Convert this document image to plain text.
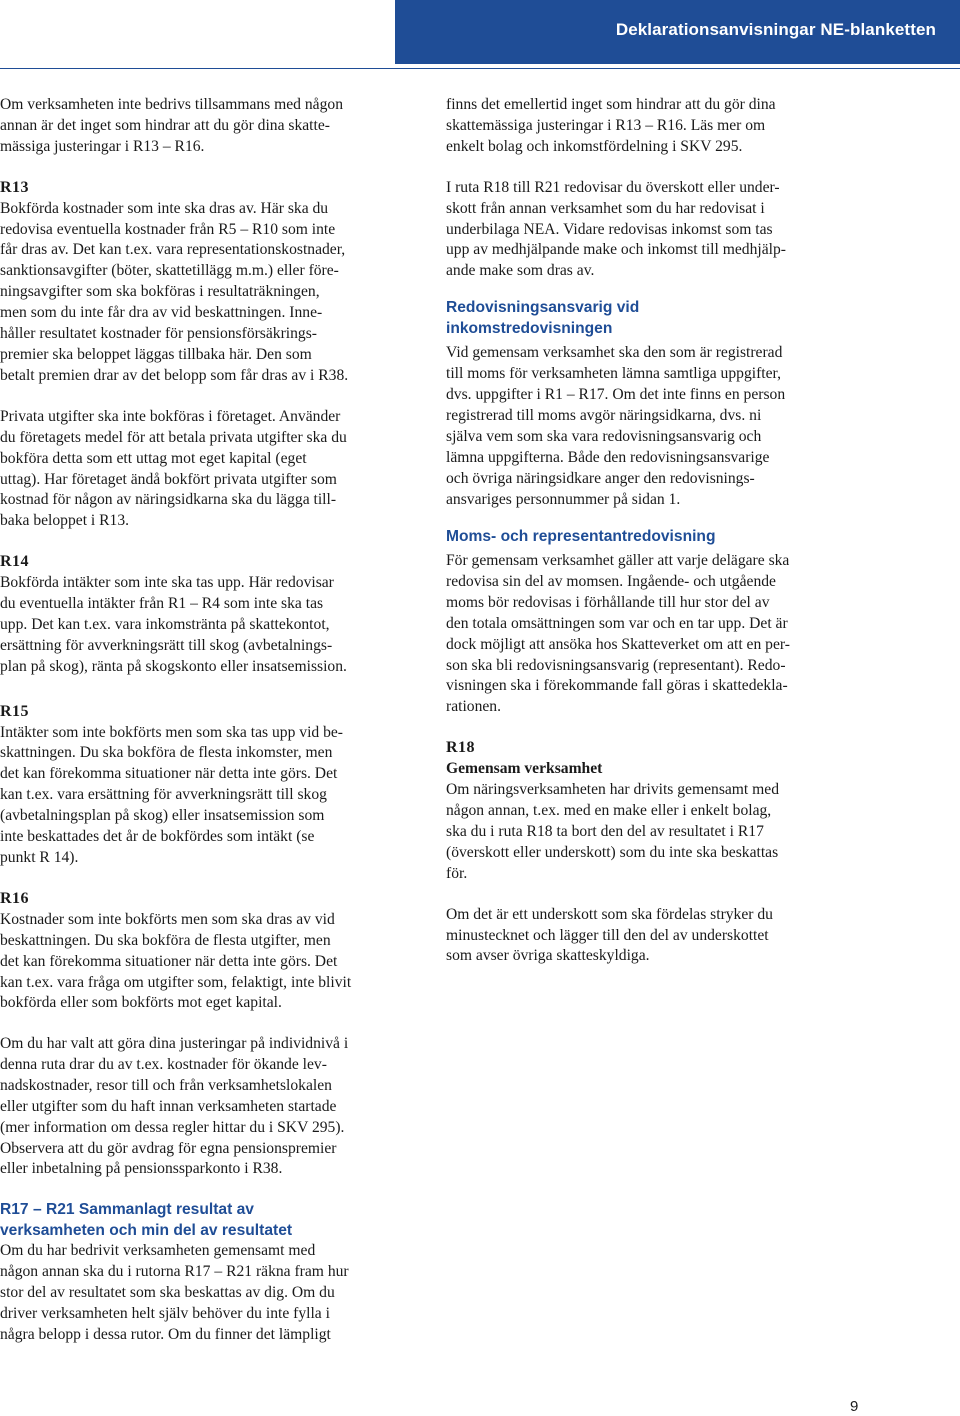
Deklarationsanvisningar NE-blanketten

Om verksamheten inte bedrivs tillsammans med någon
annan är det inget som hindrar att du gör dina skatte-
mässiga justeringar i R13 – R16.

R13

Bokförda kostnader som inte ska dras av. Här ska du
redovisa eventuella kostnader från R5 – R10 som inte
får dras av. Det kan t.ex. vara representationskostnader,
sanktionsavgifter (böter, skattetillägg m.m.) eller före-
ningsavgifter som ska bokföras i resultaträkningen,
men som du inte får dra av vid beskattningen. Inne-
håller resultatet kostnader för pensionsförsäkrings-
premier ska beloppet läggas tillbaka här. Den som
betalt premien drar av det belopp som får dras av i R38.

Privata utgifter ska inte bokföras i företaget. Använder
du företagets medel för att betala privata utgifter ska du
bokföra detta som ett uttag mot eget kapital (eget
uttag). Har företaget ändå bokfört privata utgifter som
kostnad för någon av näringsidkarna ska du lägga till-
baka beloppet i R13.

R14

Bokförda intäkter som inte ska tas upp. Här redovisar
du eventuella intäkter från R1 – R4 som inte ska tas
upp. Det kan t.ex. vara inkomstränta på skattekontot,
ersättning för avverkningsrätt till skog (avbetalnings-
plan på skog), ränta på skogskonto eller insatsemission.

R15

Intäkter som inte bokförts men som ska tas upp vid be-
skattningen. Du ska bokföra de flesta inkomster, men
det kan förekomma situationer när detta inte görs. Det
kan t.ex. vara ersättning för avverkningsrätt till skog
(avbetalningsplan på skog) eller insatsemission som
inte beskattades det år de bokfördes som intäkt (se
punkt R 14).

R16

Kostnader som inte bokförts men som ska dras av vid
beskattningen. Du ska bokföra de flesta utgifter, men
det kan förekomma situationer när detta inte görs. Det
kan t.ex. vara fråga om utgifter som, felaktigt, inte blivit
bokförda eller som bokförts mot eget kapital.

Om du har valt att göra dina justeringar på individnivå i
denna ruta drar du av t.ex. kostnader för ökande lev-
nadskostnader, resor till och från verksamhetslokalen
eller utgifter som du haft innan verksamheten startade
(mer information om dessa regler hittar du i SKV 295).
Observera att du gör avdrag för egna pensionspremier
eller inbetalning på pensionssparkonto i R38.

R17 – R21 Sammanlagt resultat av
verksamheten och min del av resultatet

Om du har bedrivit verksamheten gemensamt med
någon annan ska du i rutorna R17 – R21 räkna fram hur
stor del av resultatet som ska beskattas av dig. Om du
driver verksamheten helt själv behöver du inte fylla i
några belopp i dessa rutor. Om du finner det lämpligt

finns det emellertid inget som hindrar att du gör dina
skattemässiga justeringar i R13 – R16. Läs mer om
enkelt bolag och inkomstfördelning i SKV 295.

I ruta R18 till R21 redovisar du överskott eller under-
skott från annan verksamhet som du har redovisat i
underbilaga NEA. Vidare redovisas inkomst som tas
upp av medhjälpande make och inkomst till medhjälp-
ande make som dras av.

Redovisningsansvarig vid
inkomstredovisningen

Vid gemensam verksamhet ska den som är registrerad
till moms för verksamheten lämna samtliga uppgifter,
dvs. uppgifter i R1 – R17. Om det inte finns en person
registrerad till moms avgör näringsidkarna, dvs. ni
själva vem som ska vara redovisningsansvarig och
lämna uppgifterna. Både den redovisningsansvarige
och övriga näringsidkare anger den redovisnings-
ansvariges personnummer på sidan 1.

Moms- och representantredovisning

För gemensam verksamhet gäller att varje delägare ska
redovisa sin del av momsen. Ingående- och utgående
moms bör redovisas i förhållande till hur stor del av
den totala omsättningen som var och en tar upp. Det är
dock möjligt att ansöka hos Skatteverket om att en per-
son ska bli redovisningsansvarig (representant). Redo-
visningen ska i förekommande fall göras i skattedekla-
rationen.

R18

Gemensam verksamhet

Om näringsverksamheten har drivits gemensamt med
någon annan, t.ex. med en make eller i enkelt bolag,
ska du i ruta R18 ta bort den del av resultatet i R17
(överskott eller underskott) som du inte ska beskattas
för.

Om det är ett underskott som ska fördelas stryker du
minustecknet och lägger till den del av underskottet
som avser övriga skatteskyldiga.

9
